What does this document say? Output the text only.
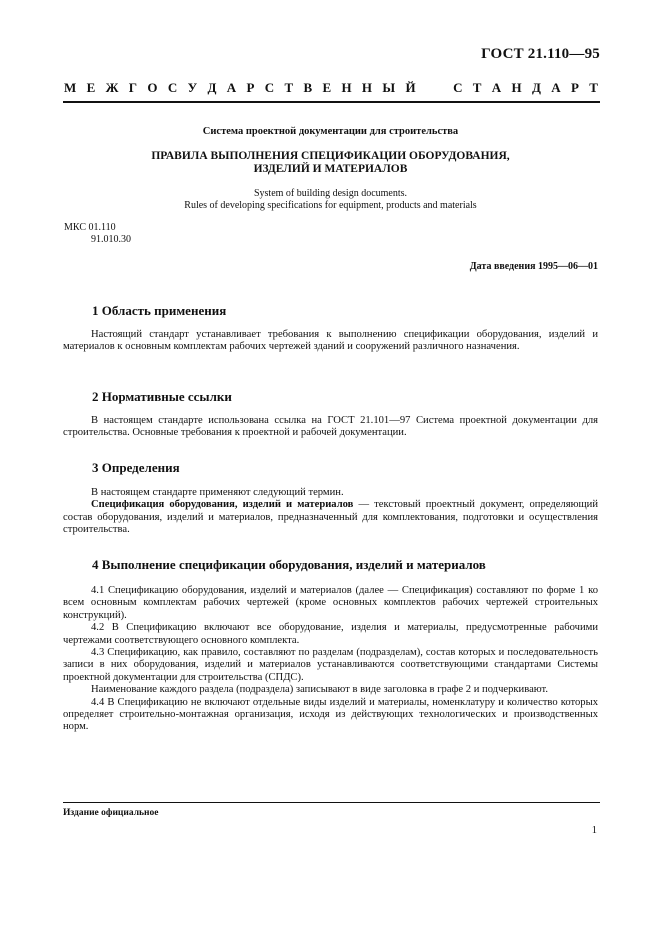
ГОСТ 21.110—95
М Е Ж Г О С У Д А Р С Т В Е Н Н Ы Й

	С Т А Н Д А Р Т
Система проектной документации для строительства
ПРАВИЛА ВЫПОЛНЕНИЯ СПЕЦИФИКАЦИИ ОБОРУДОВАНИЯ,
ИЗДЕЛИЙ И МАТЕРИАЛОВ
System of building design documents.
Rules of developing specifications for equipment, products and materials
МКС 01.110
91.010.30
Дата введения 1995—06—01
1 Область применения

Настоящий стандарт устанавливает требования к выполнению спецификации оборудования, изделий и материалов к основным комплектам рабочих чертежей зданий и сооружений различного назначения.

2 Нормативные ссылки

В настоящем стандарте использована ссылка на ГОСТ 21.101—97 Система проектной документации для строительства. Основные требования к проектной и рабочей документации.

3 Определения

В настоящем стандарте применяют следующий термин.

Спецификация оборудования, изделий и материалов — текстовый проектный документ, определяющий состав оборудования, изделий и материалов, предназначенный для комплектования, подготовки и осуществления строительства.

4 Выполнение спецификации оборудования, изделий и материалов

4.1 Спецификацию оборудования, изделий и материалов (далее — Спецификация) составляют по форме 1 ко всем основным комплектам рабочих чертежей (кроме основных комплектов рабочих чертежей строительных конструкций).

4.2 В Спецификацию включают все оборудование, изделия и материалы, предусмотренные рабочими чертежами соответствующего основного комплекта.

4.3 Спецификацию, как правило, составляют по разделам (подразделам), состав которых и последовательность записи в них оборудования, изделий и материалов устанавливаются соответствующими стандартами Системы проектной документации для строительства (СПДС).

Наименование каждого раздела (подраздела) записывают в виде заголовка в графе 2 и подчеркивают.

4.4 В Спецификацию не включают отдельные виды изделий и материалы, номенклатуру и количество которых определяет строительно-монтажная организация, исходя из действующих технологических и производственных норм.

Издание официальное
1
